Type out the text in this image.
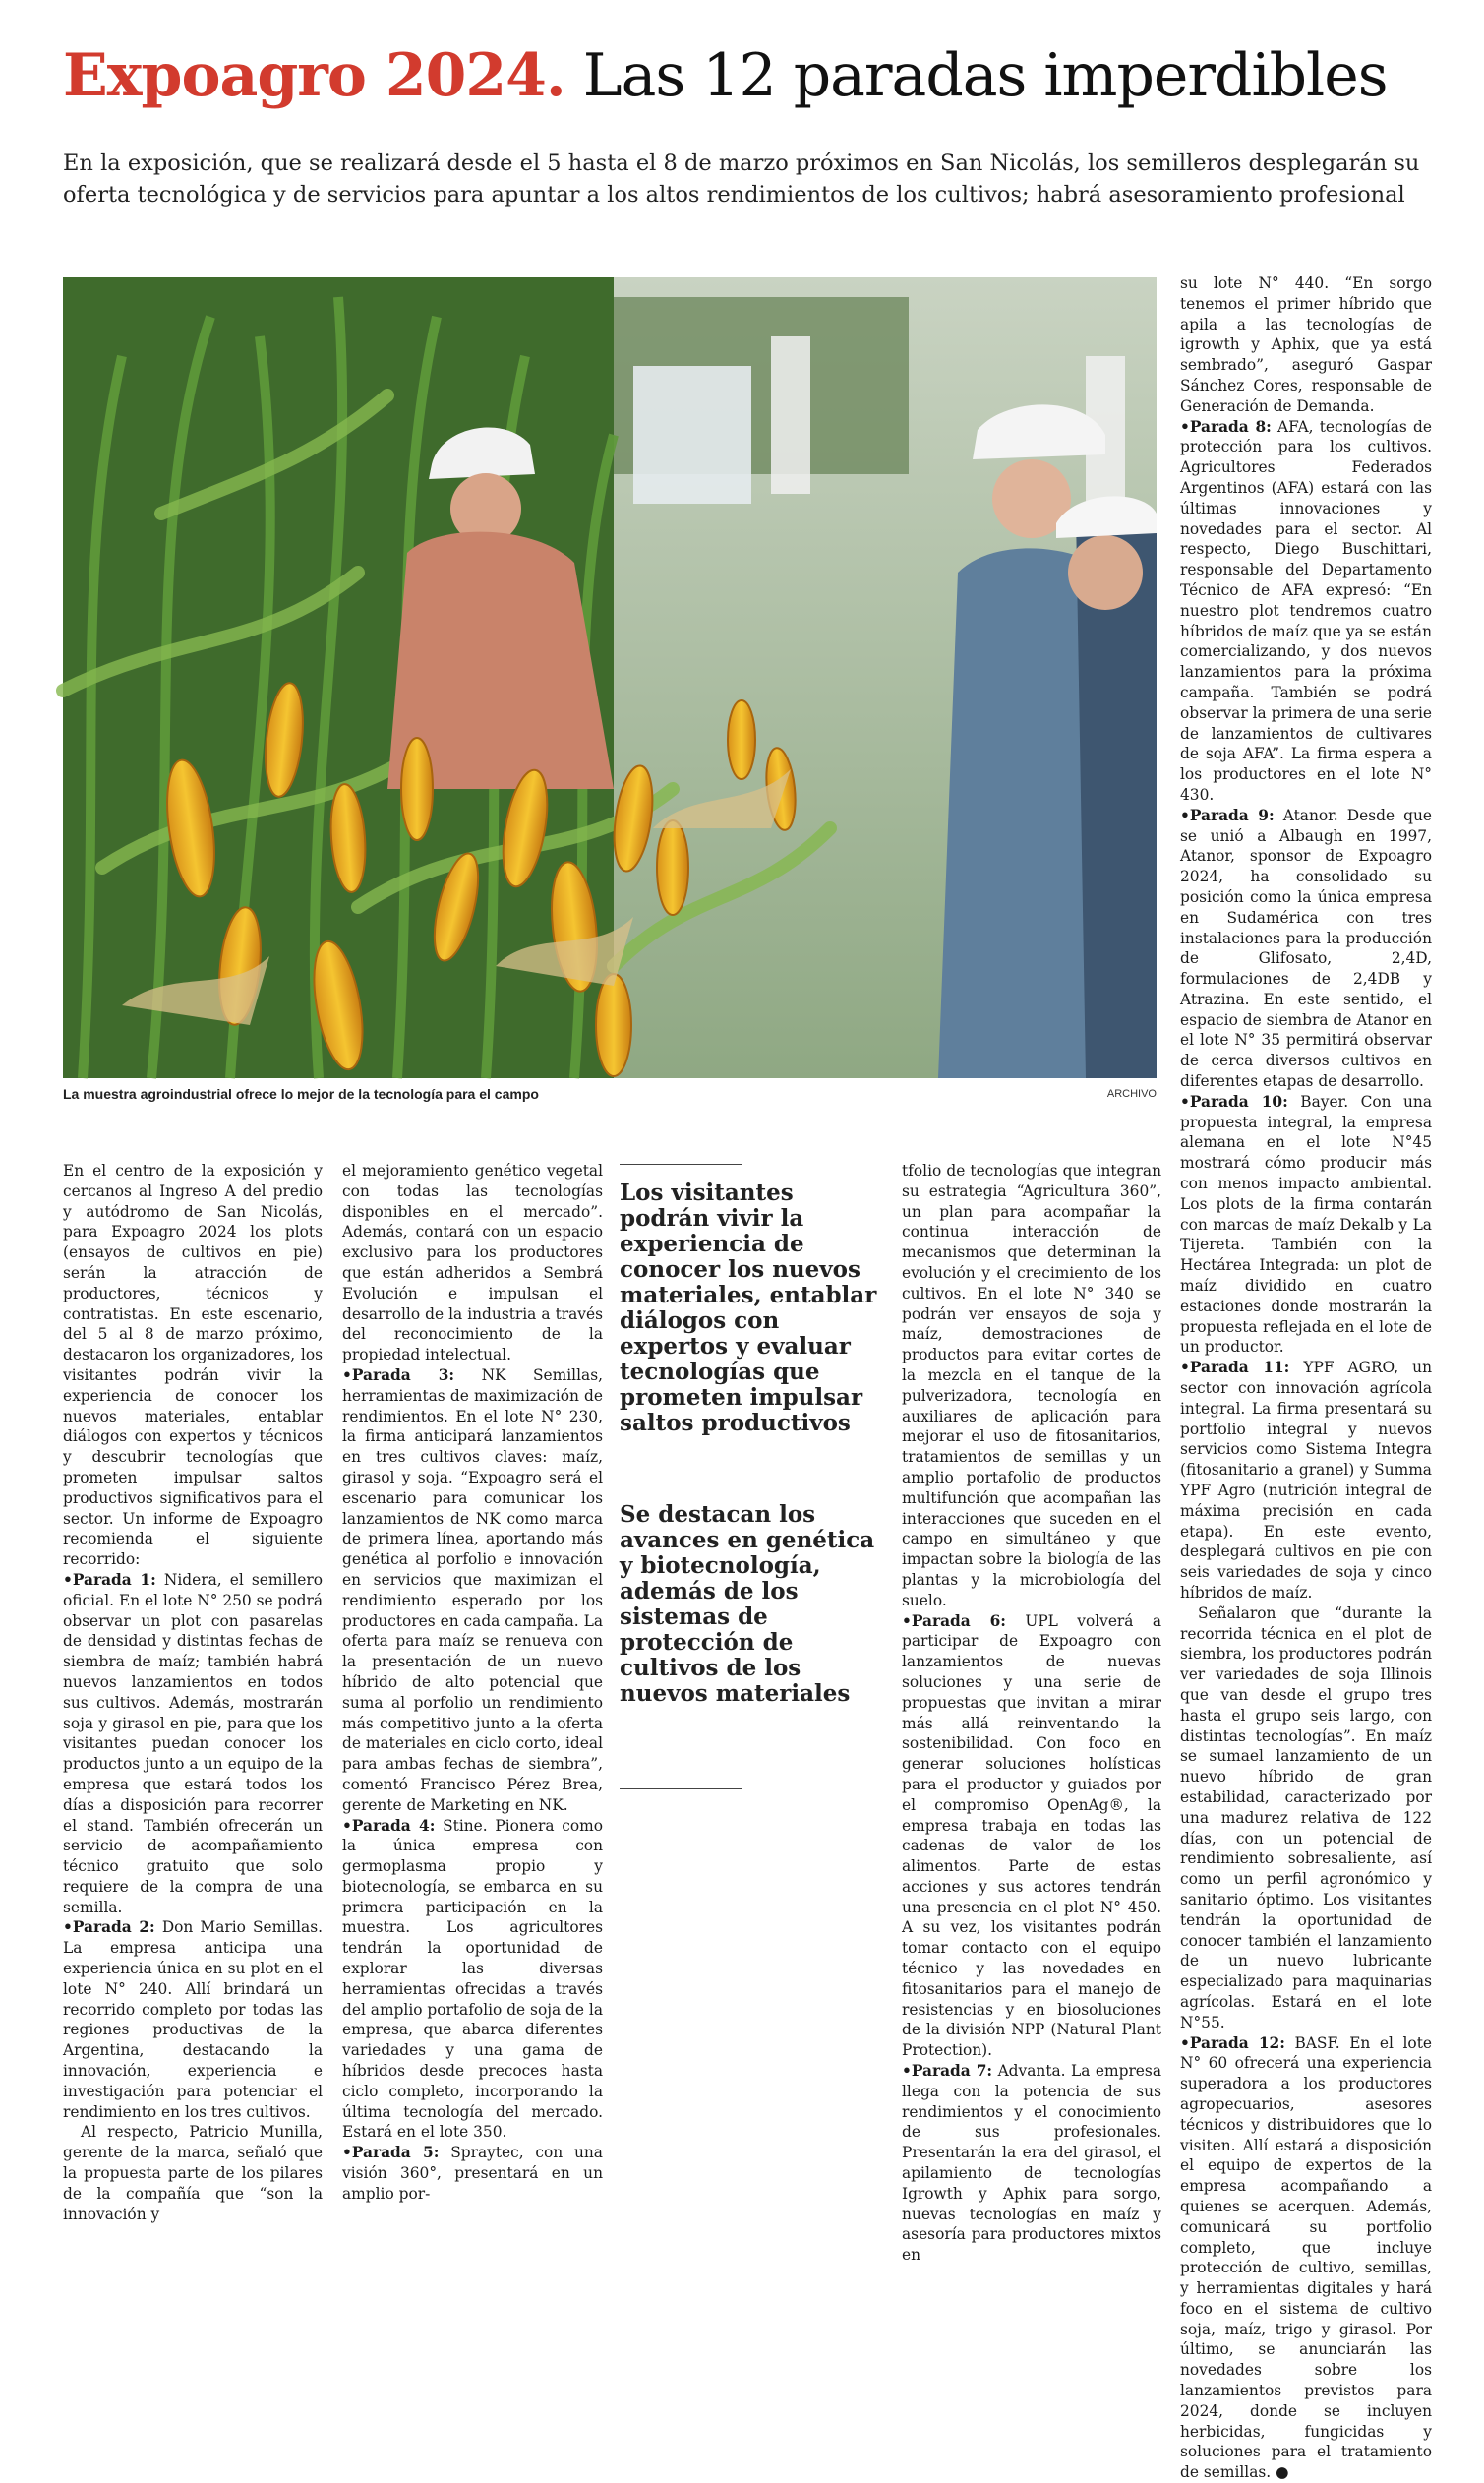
Expoagro 2024. Las 12 paradas imperdibles
En la exposición, que se realizará desde el 5 hasta el 8 de marzo próximos en San Nicolás, los semilleros desplegarán su oferta tecnológica y de servicios para apuntar a los altos rendimientos de los cultivos; habrá asesoramiento profesional
La muestra agroindustrial ofrece lo mejor de la tecnología para el campo	ARCHIVO

En el centro de la exposición y cercanos al Ingreso A del predio y autódromo de San Nicolás, para Expoagro 2024 los plots (ensayos de cultivos en pie) serán la atracción de productores, técnicos y contratistas. En este escenario, del 5 al 8 de marzo próximo, destacaron los organizadores, los visitantes podrán vivir la experiencia de conocer los nuevos materiales, entablar diálogos con expertos y técnicos y descubrir tecnologías que prometen impulsar saltos productivos significativos para el sector. Un informe de Expoagro recomienda el siguiente recorrido:

•Parada 1: Nidera, el semillero oficial. En el lote N° 250 se podrá observar un plot con pasarelas de densidad y distintas fechas de siembra de maíz; también habrá nuevos lanzamientos en todos sus cultivos. Además, mostrarán soja y girasol en pie, para que los visitantes puedan conocer los productos junto a un equipo de la empresa que estará todos los días a disposición para recorrer el stand. También ofrecerán un servicio de acompañamiento técnico gratuito que solo requiere de la compra de una semilla.

•Parada 2: Don Mario Semillas. La empresa anticipa una experiencia única en su plot en el lote N° 240. Allí brindará un recorrido completo por todas las regiones productivas de la Argentina, destacando la innovación, experiencia e investigación para potenciar el rendimiento en los tres cultivos.

Al respecto, Patricio Munilla, gerente de la marca, señaló que la propuesta parte de los pilares de la compañía que “son la innovación y

el mejoramiento genético vegetal con todas las tecnologías disponibles en el mercado”. Además, contará con un espacio exclusivo para los productores que están adheridos a Sembrá Evolución e impulsan el desarrollo de la industria a través del reconocimiento de la propiedad intelectual.

•Parada 3: NK Semillas, herramientas de maximización de rendimientos. En el lote N° 230, la firma anticipará lanzamientos en tres cultivos claves: maíz, girasol y soja. “Expoagro será el escenario para comunicar los lanzamientos de NK como marca de primera línea, aportando más genética al porfolio e innovación en servicios que maximizan el rendimiento esperado por los productores en cada campaña. La oferta para maíz se renueva con la presentación de un nuevo híbrido de alto potencial que suma al porfolio un rendimiento más competitivo junto a la oferta de materiales en ciclo corto, ideal para ambas fechas de siembra”, comentó Francisco Pérez Brea, gerente de Marketing en NK.

•Parada 4: Stine. Pionera como la única empresa con germoplasma propio y biotecnología, se embarca en su primera participación en la muestra. Los agricultores tendrán la oportunidad de explorar las diversas herramientas ofrecidas a través del amplio portafolio de soja de la empresa, que abarca diferentes variedades y una gama de híbridos desde precoces hasta ciclo completo, incorporando la última tecnología del mercado. Estará en el lote 350.

•Parada 5: Spraytec, con una visión 360°, presentará en un amplio por-

Los visitantes podrán vivir la experiencia de conocer los nuevos materiales, entablar diálogos con expertos y evaluar tecnologías que prometen impulsar saltos productivos
Se destacan los avances en genética y biotecnología, además de los sistemas de protección de cultivos de los nuevos materiales

tfolio de tecnologías que integran su estrategia “Agricultura 360”, un plan para acompañar la continua interacción de mecanismos que determinan la evolución y el crecimiento de los cultivos. En el lote N° 340 se podrán ver ensayos de soja y maíz, demostraciones de productos para evitar cortes de la mezcla en el tanque de la pulverizadora, tecnología en auxiliares de aplicación para mejorar el uso de fitosanitarios, tratamientos de semillas y un amplio portafolio de productos multifunción que acompañan las interacciones que suceden en el campo en simultáneo y que impactan sobre la biología de las plantas y la microbiología del suelo.

•Parada 6: UPL volverá a participar de Expoagro con lanzamientos de nuevas soluciones y una serie de propuestas que invitan a mirar más allá reinventando la sostenibilidad. Con foco en generar soluciones holísticas para el productor y guiados por el compromiso OpenAg®, la empresa trabaja en todas las cadenas de valor de los alimentos. Parte de estas acciones y sus actores tendrán una presencia en el plot N° 450. A su vez, los visitantes podrán tomar contacto con el equipo técnico y las novedades en fitosanitarios para el manejo de resistencias y en biosoluciones de la división NPP (Natural Plant Protection).

•Parada 7: Advanta. La empresa llega con la potencia de sus rendimientos y el conocimiento de sus profesionales. Presentarán la era del girasol, el apilamiento de tecnologías Igrowth y Aphix para sorgo, nuevas tecnologías en maíz y asesoría para productores mixtos en

su lote N° 440. “En sorgo tenemos el primer híbrido que apila a las tecnologías de igrowth y Aphix, que ya está sembrado”, aseguró Gaspar Sánchez Cores, responsable de Generación de Demanda.

•Parada 8: AFA, tecnologías de protección para los cultivos. Agricultores Federados Argentinos (AFA) estará con las últimas innovaciones y novedades para el sector. Al respecto, Diego Buschittari, responsable del Departamento Técnico de AFA expresó: “En nuestro plot tendremos cuatro híbridos de maíz que ya se están comercializando, y dos nuevos lanzamientos para la próxima campaña. También se podrá observar la primera de una serie de lanzamientos de cultivares de soja AFA”. La firma espera a los productores en el lote N° 430.

•Parada 9: Atanor. Desde que se unió a Albaugh en 1997, Atanor, sponsor de Expoagro 2024, ha consolidado su posición como la única empresa en Sudamérica con tres instalaciones para la producción de Glifosato, 2,4D, formulaciones de 2,4DB y Atrazina. En este sentido, el espacio de siembra de Atanor en el lote N° 35 permitirá observar de cerca diversos cultivos en diferentes etapas de desarrollo.

•Parada 10: Bayer. Con una propuesta integral, la empresa alemana en el lote N°45 mostrará cómo producir más con menos impacto ambiental. Los plots de la firma contarán con marcas de maíz Dekalb y La Tijereta. También con la Hectárea Integrada: un plot de maíz dividido en cuatro estaciones donde mostrarán la propuesta reflejada en el lote de un productor.

•Parada 11: YPF AGRO, un sector con innovación agrícola integral. La firma presentará su portfolio integral y nuevos servicios como Sistema Integra (fitosanitario a granel) y Summa YPF Agro (nutrición integral de máxima precisión en cada etapa). En este evento, desplegará cultivos en pie con seis variedades de soja y cinco híbridos de maíz.

Señalaron que “durante la recorrida técnica en el plot de siembra, los productores podrán ver variedades de soja Illinois que van desde el grupo tres hasta el grupo seis largo, con distintas tecnologías”. En maíz se sumael lanzamiento de un nuevo híbrido de gran estabilidad, caracterizado por una madurez relativa de 122 días, con un potencial de rendimiento sobresaliente, así como un perfil agronómico y sanitario óptimo. Los visitantes tendrán la oportunidad de conocer también el lanzamiento de un nuevo lubricante especializado para maquinarias agrícolas. Estará en el lote N°55.

•Parada 12: BASF. En el lote N° 60 ofrecerá una experiencia superadora a los productores agropecuarios, asesores técnicos y distribuidores que lo visiten. Allí estará a disposición el equipo de expertos de la empresa acompañando a quienes se acerquen. Además, comunicará su portfolio completo, que incluye protección de cultivo, semillas, y herramientas digitales y hará foco en el sistema de cultivo soja, maíz, trigo y girasol. Por último, se anunciarán las novedades sobre los lanzamientos previstos para 2024, donde se incluyen herbicidas, fungicidas y soluciones para el tratamiento de semillas. ●
